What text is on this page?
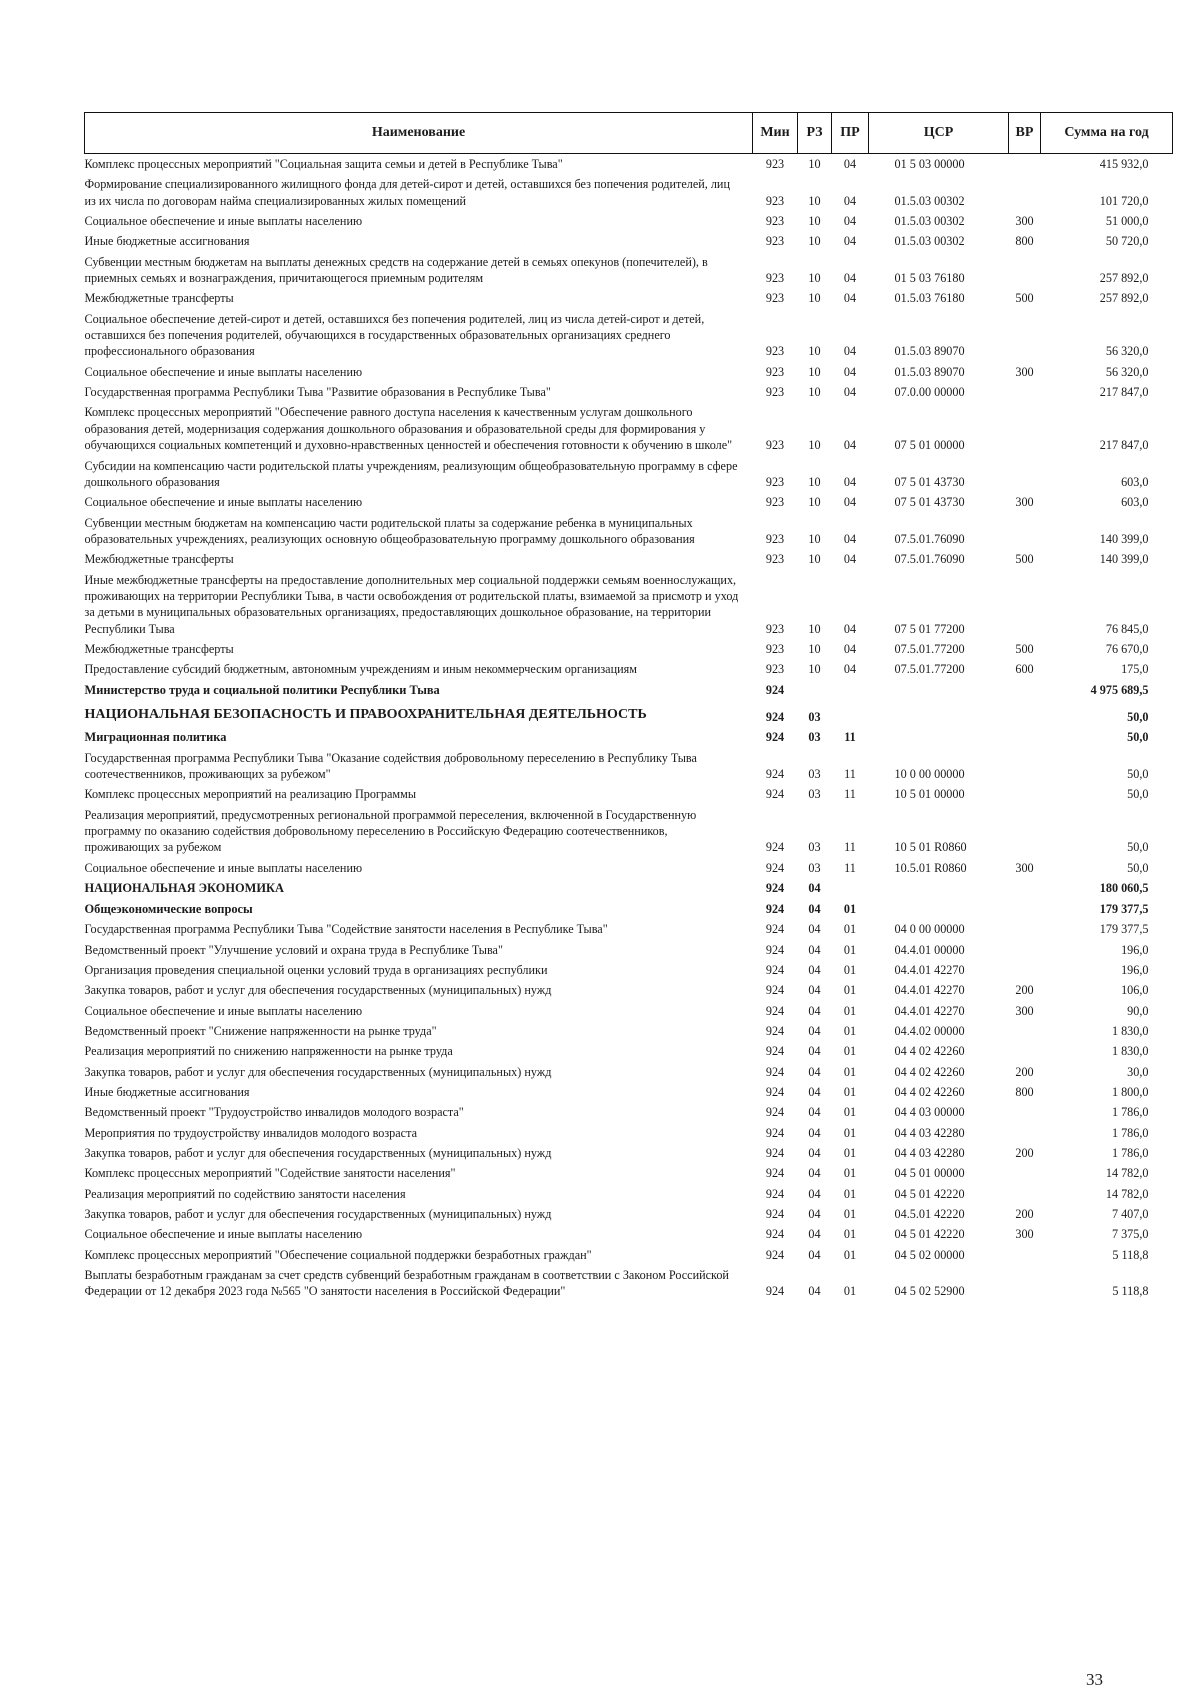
Наименование	Мин	РЗ	ПР	ЦСР	ВР	Сумма на год
Комплекс процессных мероприятий "Социальная защита семьи и детей в Республике Тыва"	923	10	04	01 5 03 00000		415 932,0
Формирование специализированного жилищного фонда для детей-сирот и детей, оставшихся без попечения родителей, лиц из их числа по договорам найма специализированных жилых помещений	923	10	04	01.5.03 00302		101 720,0
Социальное обеспечение и иные выплаты населению	923	10	04	01.5.03 00302	300	51 000,0
Иные бюджетные ассигнования	923	10	04	01.5.03 00302	800	50 720,0
Субвенции местным бюджетам на выплаты денежных средств на содержание детей в семьях опекунов (попечителей), в приемных семьях и вознаграждения, причитающегося приемным родителям	923	10	04	01 5 03 76180		257 892,0
Межбюджетные трансферты	923	10	04	01.5.03 76180	500	257 892,0
Социальное обеспечение детей-сирот и детей, оставшихся без попечения родителей, лиц из числа детей-сирот и детей, оставшихся без попечения родителей, обучающихся в государственных образовательных организациях среднего профессионального образования	923	10	04	01.5.03 89070		56 320,0
Социальное обеспечение и иные выплаты населению	923	10	04	01.5.03 89070	300	56 320,0
Государственная программа Республики Тыва "Развитие образования в Республике Тыва"	923	10	04	07.0.00 00000		217 847,0
Комплекс процессных мероприятий "Обеспечение равного доступа населения к качественным услугам дошкольного образования детей, модернизация содержания дошкольного образования и образовательной среды для формирования у обучающихся социальных компетенций и духовно-нравственных ценностей и обеспечения готовности к обучению в школе"	923	10	04	07 5 01 00000		217 847,0
Субсидии на компенсацию части родительской платы учреждениям, реализующим общеобразовательную программу в сфере дошкольного образования	923	10	04	07 5 01 43730		603,0
Социальное обеспечение и иные выплаты населению	923	10	04	07 5 01 43730	300	603,0
Субвенции местным бюджетам на компенсацию части родительской платы за содержание ребенка в муниципальных образовательных учреждениях, реализующих основную общеобразовательную программу дошкольного образования	923	10	04	07.5.01.76090		140 399,0
Межбюджетные трансферты	923	10	04	07.5.01.76090	500	140 399,0
Иные межбюджетные трансферты на предоставление дополнительных мер социальной поддержки семьям военнослужащих, проживающих на территории Республики Тыва, в части освобождения от родительской платы, взимаемой за присмотр и уход за детьми в муниципальных образовательных организациях, предоставляющих дошкольное образование, на территории Республики Тыва	923	10	04	07 5 01 77200		76 845,0
Межбюджетные трансферты	923	10	04	07.5.01.77200	500	76 670,0
Предоставление субсидий бюджетным, автономным учреждениям и иным некоммерческим организациям	923	10	04	07.5.01.77200	600	175,0
Министерство труда и социальной политики Республики Тыва	924					4 975 689,5
НАЦИОНАЛЬНАЯ БЕЗОПАСНОСТЬ И ПРАВООХРАНИТЕЛЬНАЯ ДЕЯТЕЛЬНОСТЬ	924	03				50,0
Миграционная политика	924	03	11			50,0
Государственная программа Республики Тыва "Оказание содействия добровольному переселению в Республику Тыва соотечественников, проживающих за рубежом"	924	03	11	10 0 00 00000		50,0
Комплекс процессных мероприятий на реализацию Программы	924	03	11	10 5 01 00000		50,0
Реализация мероприятий, предусмотренных региональной программой переселения, включенной в Государственную программу по оказанию содействия добровольному переселению в Российскую Федерацию соотечественников, проживающих за рубежом	924	03	11	10 5 01 R0860		50,0
Социальное обеспечение и иные выплаты населению	924	03	11	10.5.01 R0860	300	50,0
НАЦИОНАЛЬНАЯ ЭКОНОМИКА	924	04				180 060,5
Общеэкономические вопросы	924	04	01			179 377,5
Государственная программа Республики Тыва "Содействие занятости населения в Республике Тыва"	924	04	01	04 0 00 00000		179 377,5
Ведомственный проект "Улучшение условий и охрана труда в Республике Тыва"	924	04	01	04.4.01 00000		196,0
Организация проведения специальной оценки условий труда в организациях республики	924	04	01	04.4.01 42270		196,0
Закупка товаров, работ и услуг для обеспечения государственных (муниципальных) нужд	924	04	01	04.4.01 42270	200	106,0
Социальное обеспечение и иные выплаты населению	924	04	01	04.4.01 42270	300	90,0
Ведомственный проект "Снижение напряженности на рынке труда"	924	04	01	04.4.02 00000		1 830,0
Реализация мероприятий по снижению напряженности на рынке труда	924	04	01	04 4 02 42260		1 830,0
Закупка товаров, работ и услуг для обеспечения государственных (муниципальных) нужд	924	04	01	04 4 02 42260	200	30,0
Иные бюджетные ассигнования	924	04	01	04 4 02 42260	800	1 800,0
Ведомственный проект "Трудоустройство инвалидов молодого возраста"	924	04	01	04 4 03 00000		1 786,0
Мероприятия по трудоустройству инвалидов молодого возраста	924	04	01	04 4 03 42280		1 786,0
Закупка товаров, работ и услуг для обеспечения государственных (муниципальных) нужд	924	04	01	04 4 03 42280	200	1 786,0
Комплекс процессных мероприятий "Содействие занятости населения"	924	04	01	04 5 01 00000		14 782,0
Реализация мероприятий по содействию занятости населения	924	04	01	04 5 01 42220		14 782,0
Закупка товаров, работ и услуг для обеспечения государственных (муниципальных) нужд	924	04	01	04.5.01 42220	200	7 407,0
Социальное обеспечение и иные выплаты населению	924	04	01	04 5 01 42220	300	7 375,0
Комплекс процессных мероприятий "Обеспечение социальной поддержки безработных граждан"	924	04	01	04 5 02 00000		5 118,8
Выплаты безработным гражданам за счет средств субвенций безработным гражданам в соответствии с Законом Российской Федерации от 12 декабря 2023 года №565 "О занятости населения в Российской Федерации"	924	04	01	04 5 02 52900		5 118,8
33
